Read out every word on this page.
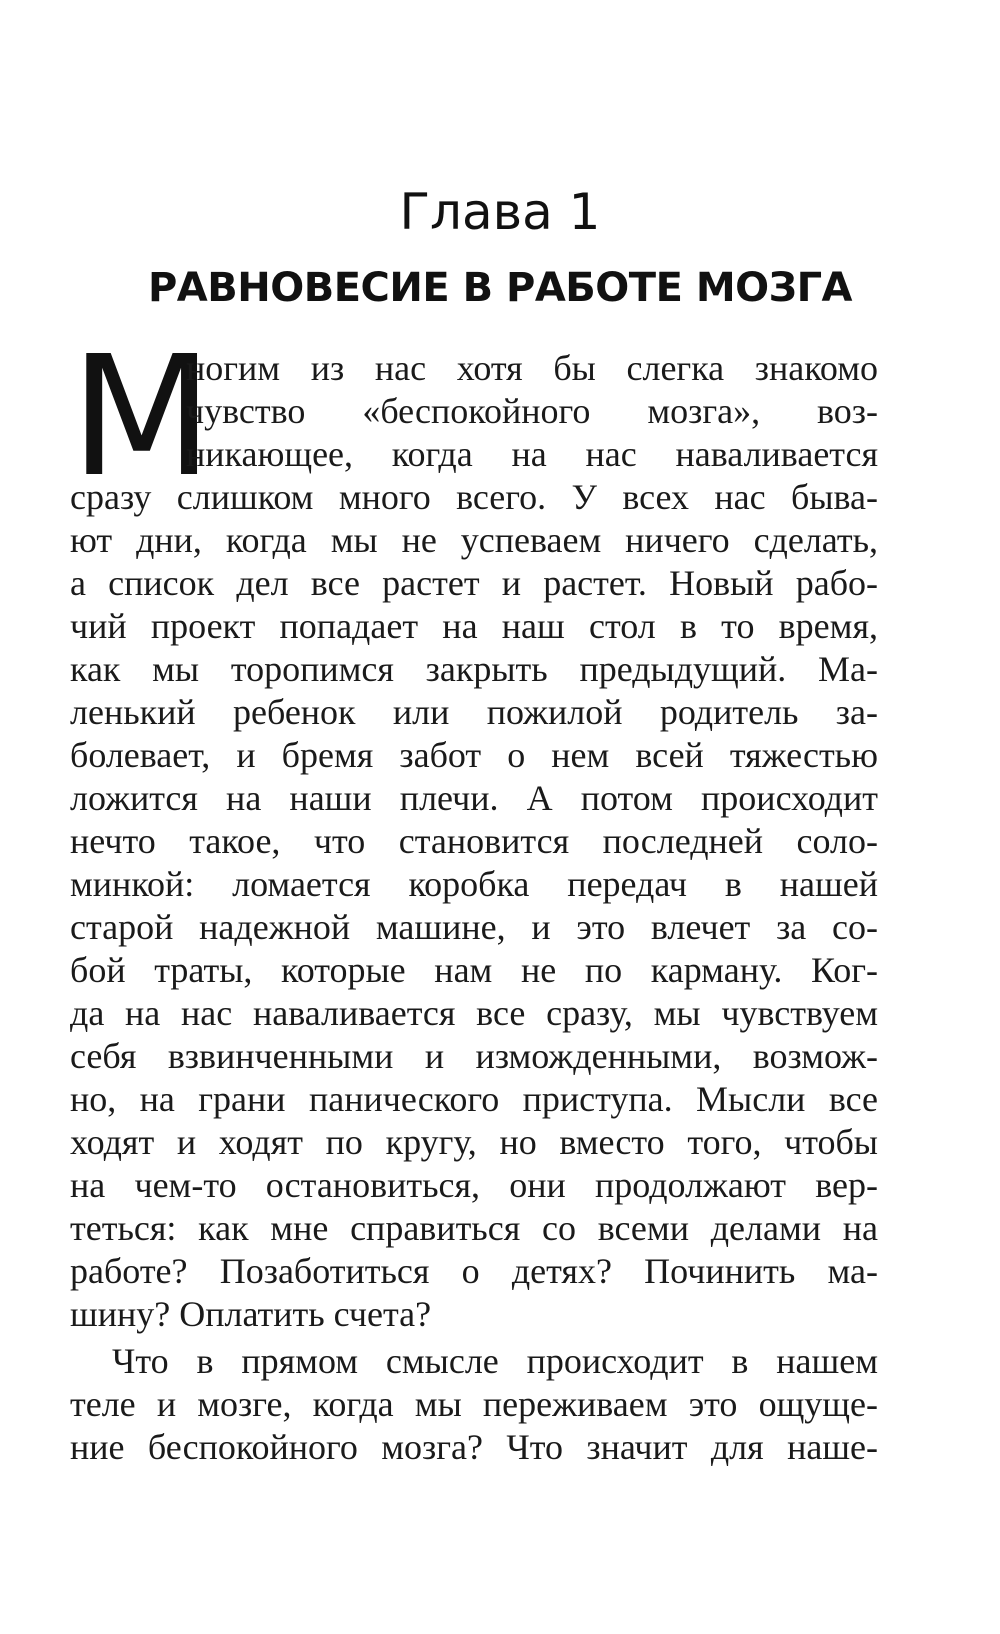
Глава 1
РАВНОВЕСИЕ В РАБОТЕ МОЗГА
М
ногим из нас хотя бы слегка знакомо
чувство «беспокойного мозга», воз-
никающее, когда на нас наваливается
сразу слишком много всего. У всех нас быва-
ют дни, когда мы не успеваем ничего сделать,
а список дел все растет и растет. Новый рабо-
чий проект попадает на наш стол в то время,
как мы торопимся закрыть предыдущий. Ма-
ленький ребенок или пожилой родитель за-
болевает, и бремя забот о нем всей тяжестью
ложится на наши плечи. А потом происходит
нечто такое, что становится последней соло-
минкой: ломается коробка передач в нашей
старой надежной машине, и это влечет за со-
бой траты, которые нам не по карману. Ког-
да на нас наваливается все сразу, мы чувствуем
себя взвинченными и изможденными, возмож-
но, на грани панического приступа. Мысли все
ходят и ходят по кругу, но вместо того, чтобы
на чем-то остановиться, они продолжают вер-
теться: как мне справиться со всеми делами на
работе? Позаботиться о детях? Починить ма-
шину? Оплатить счета?
Что в прямом смысле происходит в нашем
теле и мозге, когда мы переживаем это ощуще-
ние беспокойного мозга? Что значит для наше-
